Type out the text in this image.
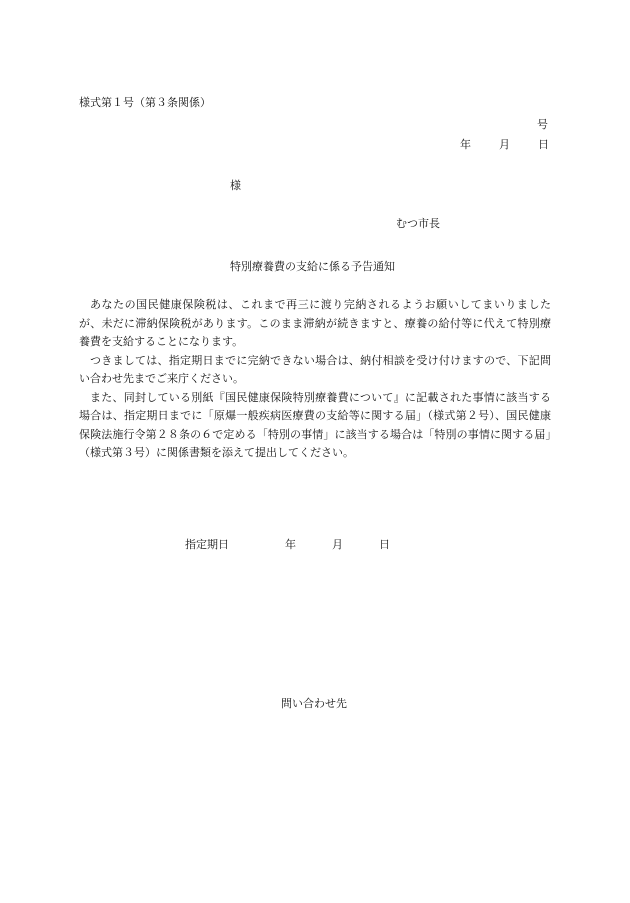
様式第１号（第３条関係）
号
年	月	日
様
むつ市長
特別療養費の支給に係る予告通知

あなたの国民健康保険税は、これまで再三に渡り完納されるようお願いしてまいりましたが、未だに滞納保険税があります。このまま滞納が続きますと、療養の給付等に代えて特別療養費を支給することになります。

つきましては、指定期日までに完納できない場合は、納付相談を受け付けますので、下記問い合わせ先までご来庁ください。

また、同封している別紙『国民健康保険特別療養費について』に記載された事情に該当する場合は、指定期日までに「原爆一般疾病医療費の支給等に関する届」（様式第２号）、国民健康保険法施行令第２８条の６で定める「特別の事情」に該当する場合は「特別の事情に関する届」（様式第３号）に関係書類を添えて提出してください。

指定期日	年	月	日
問い合わせ先
